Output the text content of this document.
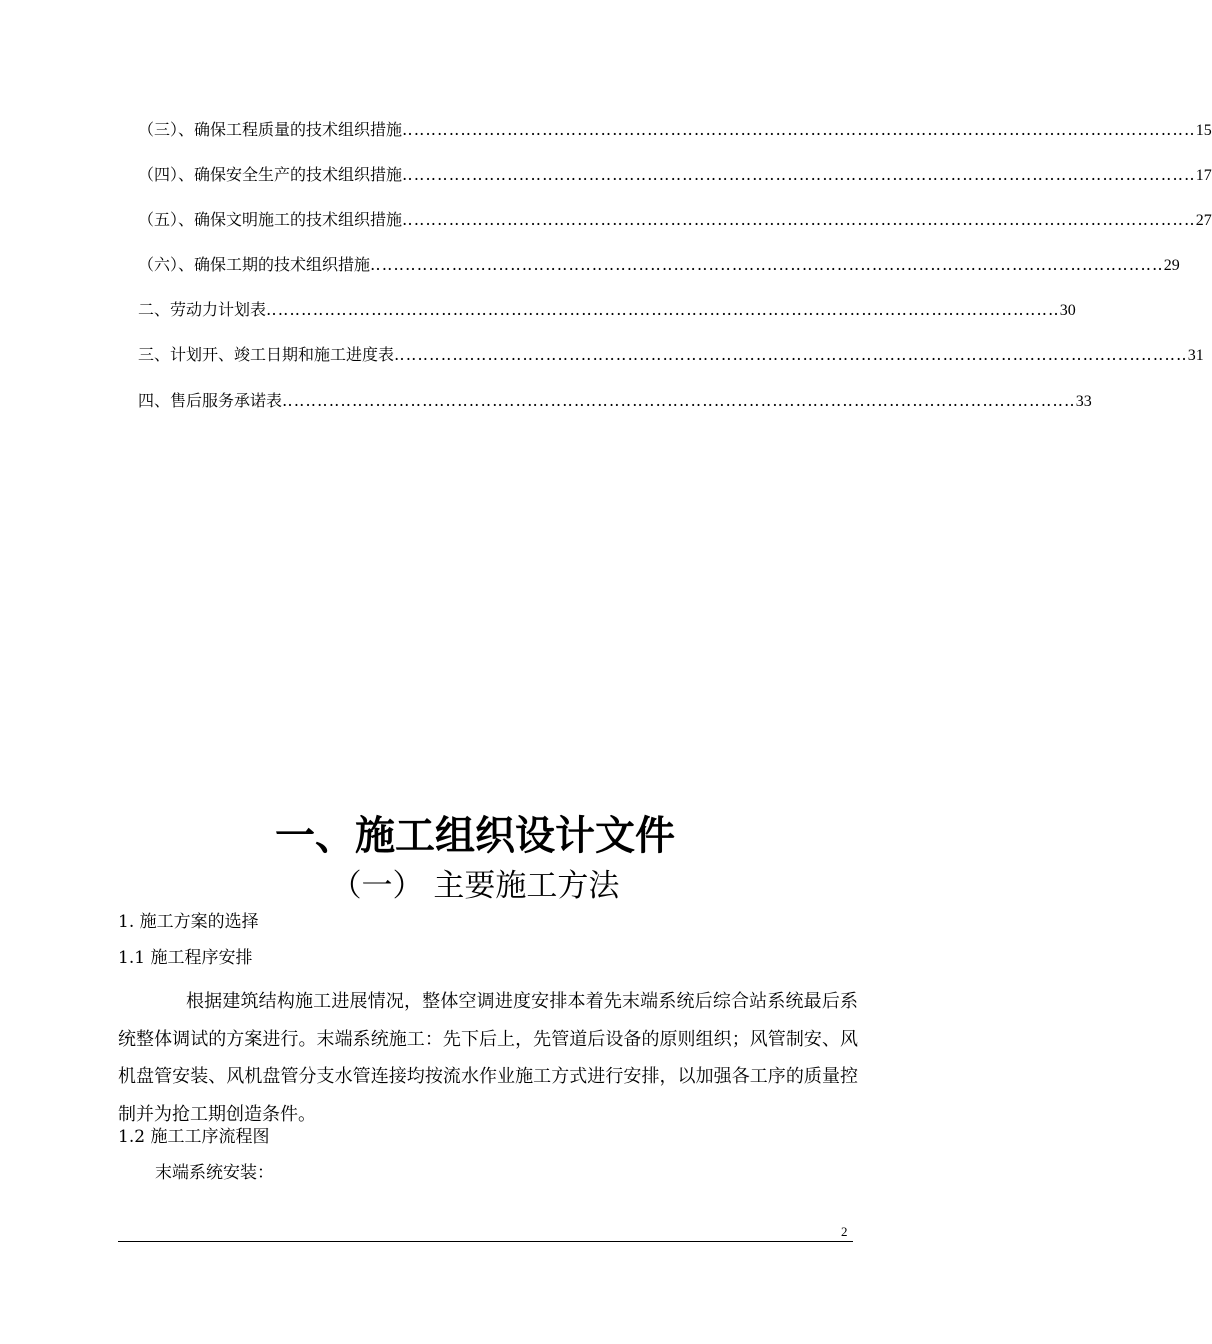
（三）、确保工程质量的技术组织措施 ‥‥‥‥‥‥‥‥‥‥‥‥‥‥‥‥‥‥‥‥‥‥‥‥‥‥‥‥‥‥‥‥‥‥‥‥‥‥‥‥‥‥‥‥‥‥‥‥‥‥‥‥‥‥‥‥‥‥‥‥‥‥‥‥‥‥‥‥ 15
（四）、确保安全生产的技术组织措施 ‥‥‥‥‥‥‥‥‥‥‥‥‥‥‥‥‥‥‥‥‥‥‥‥‥‥‥‥‥‥‥‥‥‥‥‥‥‥‥‥‥‥‥‥‥‥‥‥‥‥‥‥‥‥‥‥‥‥‥‥‥‥‥‥‥‥‥‥ 17
（五）、确保文明施工的技术组织措施 ‥‥‥‥‥‥‥‥‥‥‥‥‥‥‥‥‥‥‥‥‥‥‥‥‥‥‥‥‥‥‥‥‥‥‥‥‥‥‥‥‥‥‥‥‥‥‥‥‥‥‥‥‥‥‥‥‥‥‥‥‥‥‥‥‥‥‥‥ 27
（六）、确保工期的技术组织措施 ‥‥‥‥‥‥‥‥‥‥‥‥‥‥‥‥‥‥‥‥‥‥‥‥‥‥‥‥‥‥‥‥‥‥‥‥‥‥‥‥‥‥‥‥‥‥‥‥‥‥‥‥‥‥‥‥‥‥‥‥‥‥‥‥‥‥‥‥ 29
二、劳动力计划表 ‥‥‥‥‥‥‥‥‥‥‥‥‥‥‥‥‥‥‥‥‥‥‥‥‥‥‥‥‥‥‥‥‥‥‥‥‥‥‥‥‥‥‥‥‥‥‥‥‥‥‥‥‥‥‥‥‥‥‥‥‥‥‥‥‥‥‥‥ 30
三、计划开、竣工日期和施工进度表 ‥‥‥‥‥‥‥‥‥‥‥‥‥‥‥‥‥‥‥‥‥‥‥‥‥‥‥‥‥‥‥‥‥‥‥‥‥‥‥‥‥‥‥‥‥‥‥‥‥‥‥‥‥‥‥‥‥‥‥‥‥‥‥‥‥‥‥‥ 31
四、售后服务承诺表 ‥‥‥‥‥‥‥‥‥‥‥‥‥‥‥‥‥‥‥‥‥‥‥‥‥‥‥‥‥‥‥‥‥‥‥‥‥‥‥‥‥‥‥‥‥‥‥‥‥‥‥‥‥‥‥‥‥‥‥‥‥‥‥‥‥‥‥‥ 33
一、施工组织设计文件
（一） 主要施工方法
1. 施工方案的选择
1.1 施工程序安排
根据建筑结构施工进展情况，整体空调进度安排本着先末端系统后综合站系统最后系统整体调试的方案进行。末端系统施工：先下后上，先管道后设备的原则组织；风管制安、风机盘管安装、风机盘管分支水管连接均按流水作业施工方式进行安排，以加强各工序的质量控制并为抢工期创造条件。
1.2 施工工序流程图
末端系统安装：
2
